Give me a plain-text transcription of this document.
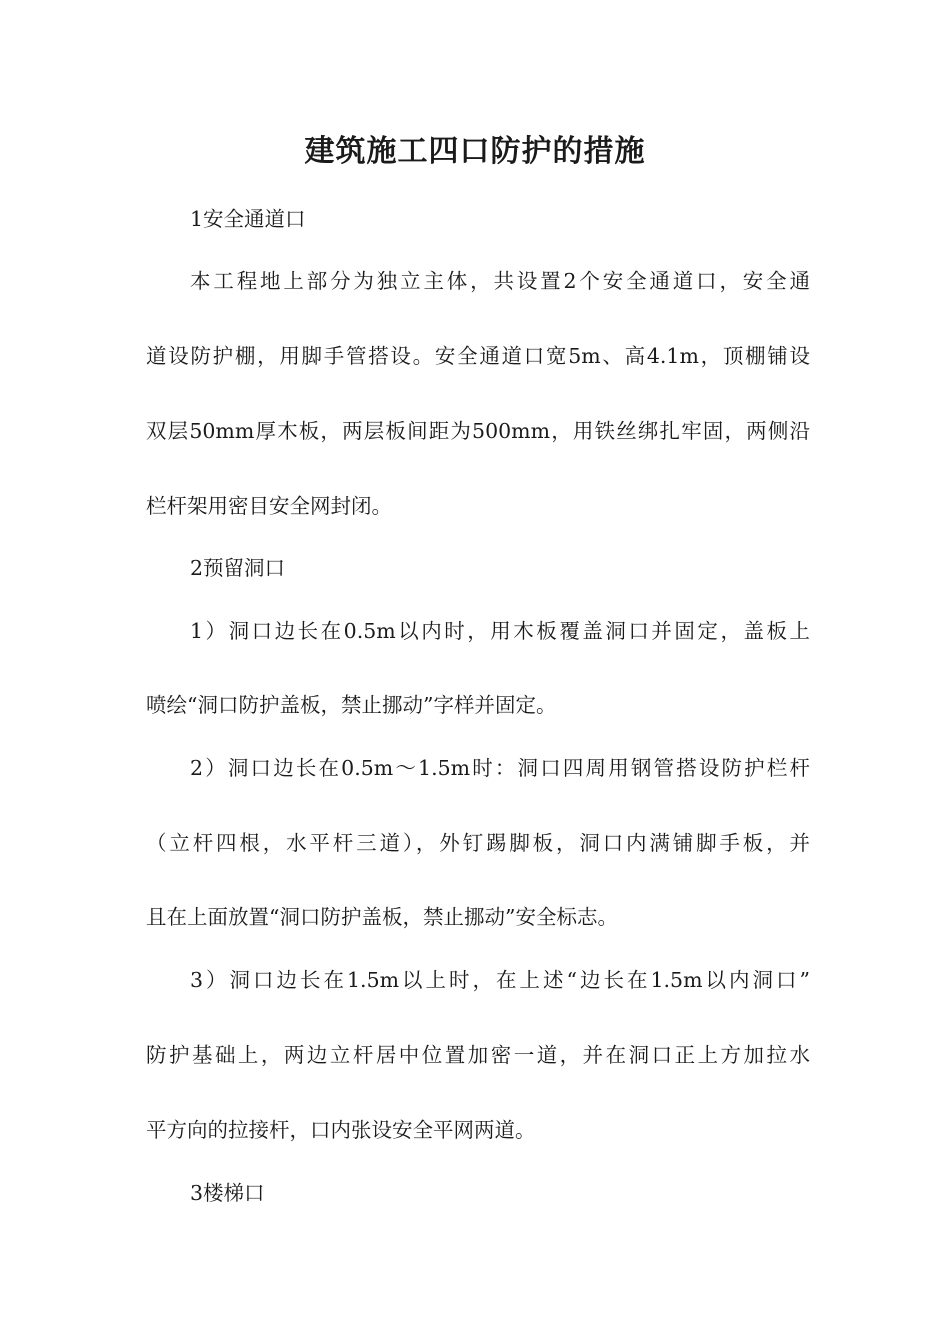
建筑施工四口防护的措施
1安全通道口
本工程地上部分为独立主体，共设置2个安全通道口，安全通
道设防护棚，用脚手管搭设。安全通道口宽5m、高4.1m，顶棚铺设
双层50mm厚木板，两层板间距为500mm，用铁丝绑扎牢固，两侧沿
栏杆架用密目安全网封闭。
2预留洞口
1）洞口边长在0.5m以内时，用木板覆盖洞口并固定，盖板上
喷绘“洞口防护盖板，禁止挪动”字样并固定。
2）洞口边长在0.5m～1.5m时：洞口四周用钢管搭设防护栏杆
（立杆四根，水平杆三道），外钉踢脚板，洞口内满铺脚手板，并
且在上面放置“洞口防护盖板，禁止挪动”安全标志。
3）洞口边长在1.5m以上时，在上述“边长在1.5m以内洞口”
防护基础上，两边立杆居中位置加密一道，并在洞口正上方加拉水
平方向的拉接杆，口内张设安全平网两道。
3楼梯口
